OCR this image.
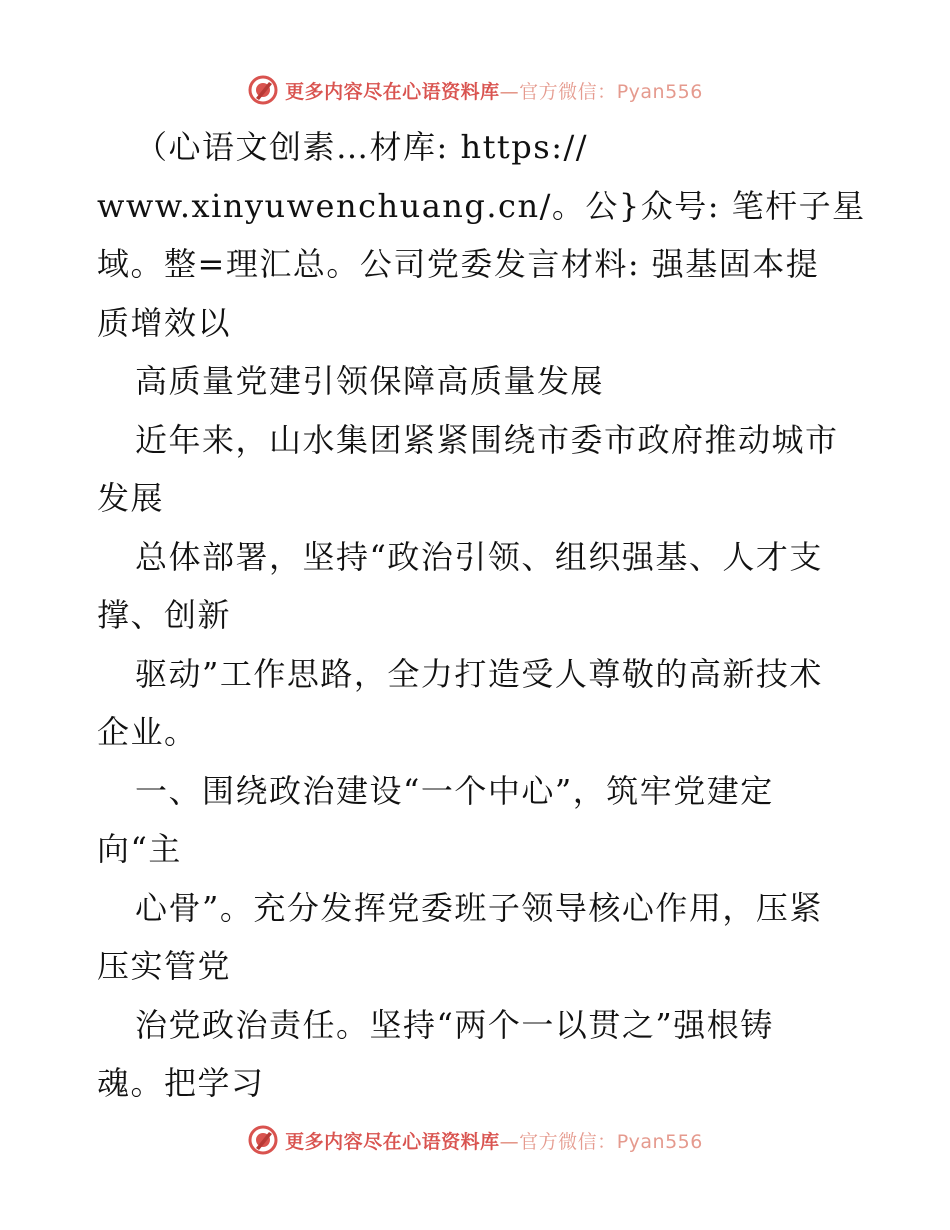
更多内容尽在心语资料库—官方微信：Pyan556
（心语文创素…材库: https://
www.xinyuwenchuang.cn/。公}众号: 笔杆子星
域。整=理汇总。公司党委发言材料: 强基固本提
质增效以
高质量党建引领保障高质量发展
近年来，山水集团紧紧围绕市委市政府推动城市
发展
总体部署，坚持“政治引领、组织强基、人才支
撑、创新
驱动”工作思路，全力打造受人尊敬的高新技术
企业。
一、围绕政治建设“一个中心”，筑牢党建定
向“主
心骨”。充分发挥党委班子领导核心作用，压紧
压实管党
治党政治责任。坚持“两个一以贯之”强根铸
魂。把学习
更多内容尽在心语资料库—官方微信：Pyan556
